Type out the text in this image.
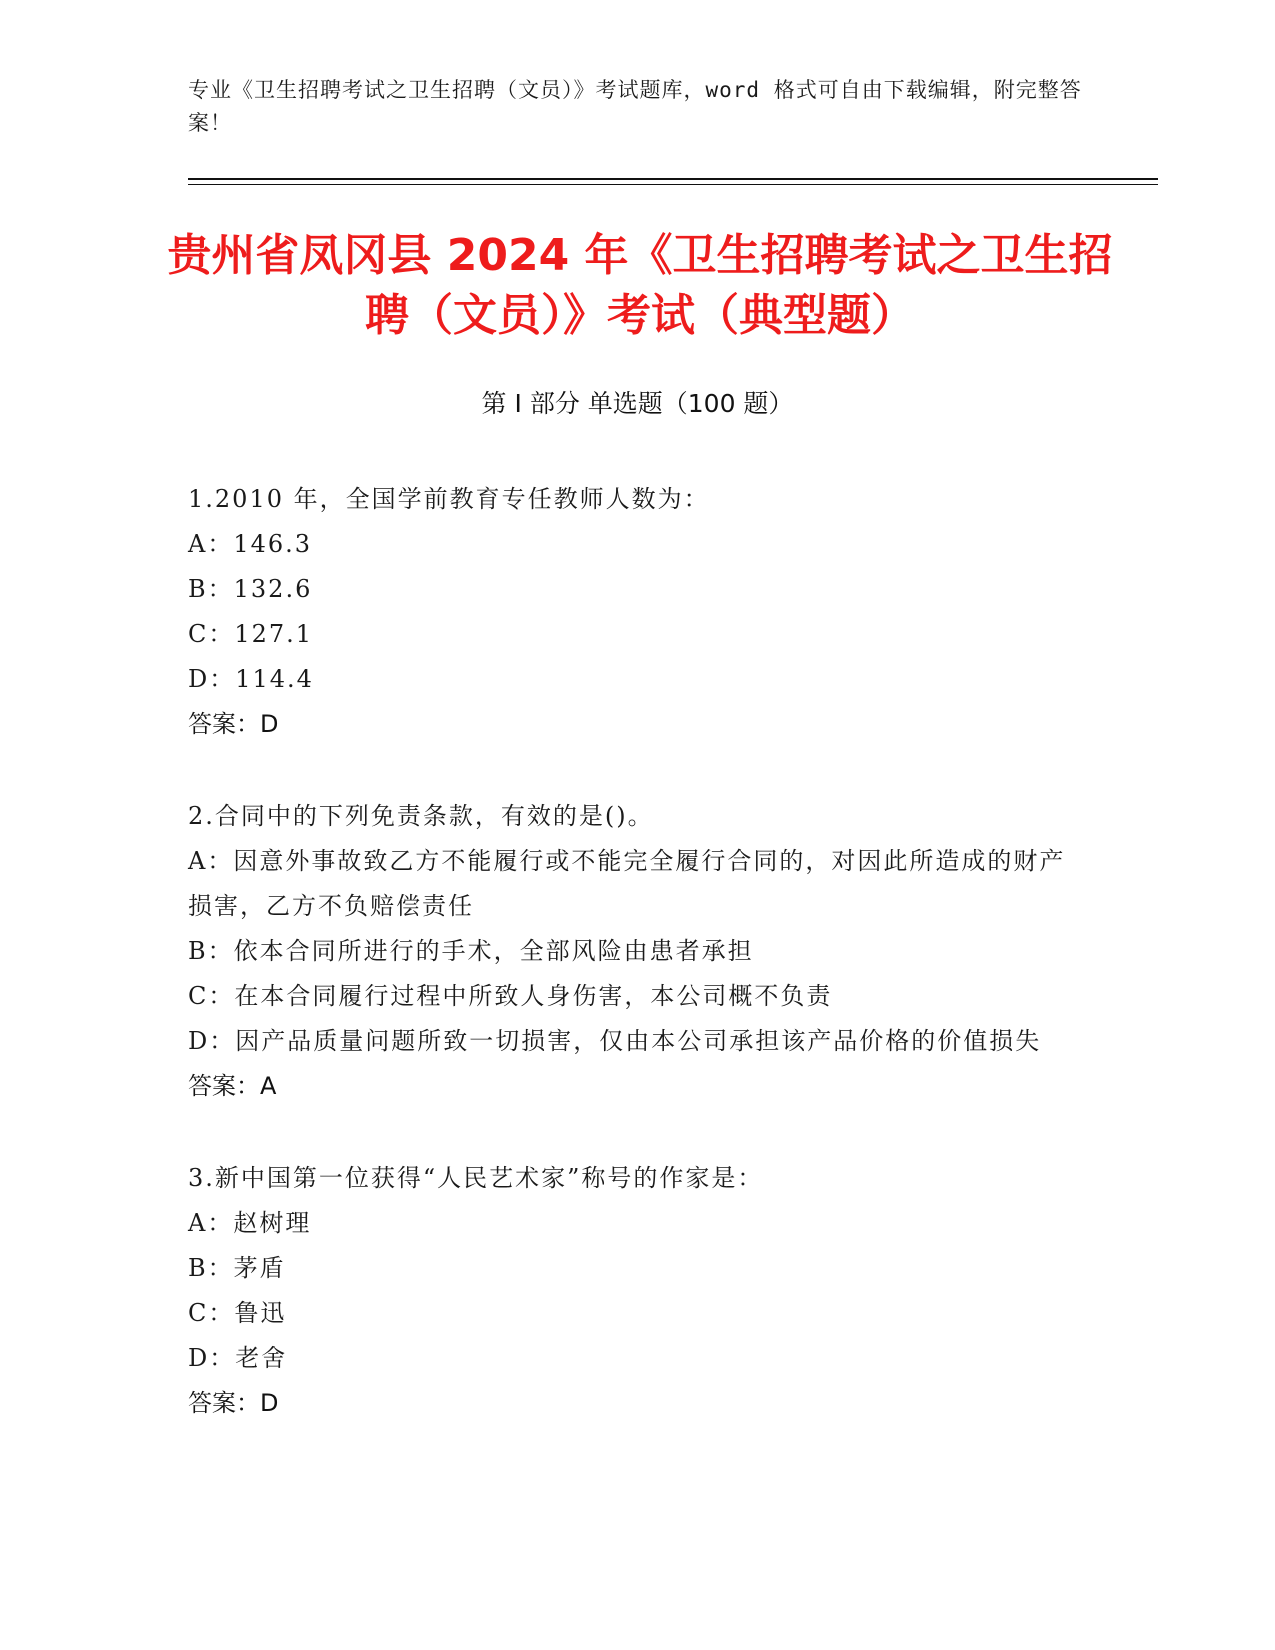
专业《卫生招聘考试之卫生招聘（文员）》考试题库，word 格式可自由下载编辑，附完整答案！
贵州省凤冈县 2024 年《卫生招聘考试之卫生招聘（文员）》考试（典型题）
第 I 部分 单选题（100 题）
1.2010 年，全国学前教育专任教师人数为：
A：146.3
B：132.6
C：127.1
D：114.4
答案：D
2.合同中的下列免责条款，有效的是()。
A：因意外事故致乙方不能履行或不能完全履行合同的，对因此所造成的财产损害，乙方不负赔偿责任
B：依本合同所进行的手术，全部风险由患者承担
C：在本合同履行过程中所致人身伤害，本公司概不负责
D：因产品质量问题所致一切损害，仅由本公司承担该产品价格的价值损失
答案：A
3.新中国第一位获得“人民艺术家”称号的作家是：
A：赵树理
B：茅盾
C：鲁迅
D：老舍
答案：D
